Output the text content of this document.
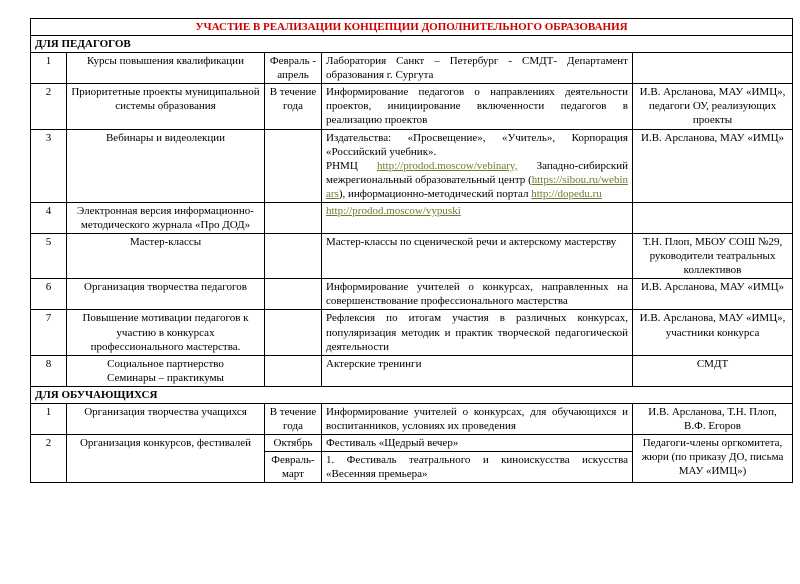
УЧАСТИЕ В РЕАЛИЗАЦИИ КОНЦЕПЦИИ ДОПОЛНИТЕЛЬНОГО ОБРАЗОВАНИЯ				
ДЛЯ ПЕДАГОГОВ				
1	Курсы повышения квалификации	Февраль - апрель	Лаборатория Санкт – Петербург - СМДТ- Департамент образования г. Сургута	
2	Приоритетные проекты муниципальной системы образования	В течение года	Информирование педагогов о направлениях деятельности проектов, инициирование включенности педагогов в реализацию проектов	И.В. Арсланова, МАУ «ИМЦ», педагоги ОУ, реализующих проекты
3	Вебинары и видеолекции		Издательства: «Просвещение», «Учитель», Корпорация «Российский учебник».
РНМЦ http://prodod.moscow/vebinary, Западно-сибирский межрегиональный образовательный центр (https://sibou.ru/webinars), информационно-методический портал http://dopedu.ru	И.В. Арсланова, МАУ «ИМЦ»
4	Электронная версия информационно-методического журнала «Про ДОД»		http://prodod.moscow/vypuski	
5	Мастер-классы		Мастер-классы по сценической речи и актерскому мастерству	Т.Н. Плоп, МБОУ СОШ №29, руководители театральных коллективов
6	Организация творчества педагогов		Информирование учителей о конкурсах, направленных на совершенствование профессионального мастерства	И.В. Арсланова, МАУ «ИМЦ»
7	Повышение мотивации педагогов к участию в конкурсах профессионального мастерства.		Рефлексия по итогам участия в различных конкурсах, популяризация методик и практик творческой педагогической деятельности	И.В. Арсланова, МАУ «ИМЦ», участники конкурса
8	Социальное партнерство
Семинары – практикумы		Актерские тренинги	СМДТ
ДЛЯ ОБУЧАЮЩИХСЯ				
1	Организация творчества учащихся	В течение года	Информирование учителей о конкурсах, для обучающихся и воспитанников, условиях их проведения	И.В. Арсланова, Т.Н. Плоп, В.Ф. Егоров
2	Организация конкурсов, фестивалей	Октябрь	Фестиваль «Щедрый вечер»	Педагоги-члены оргкомитета, жюри (по приказу ДО, письма МАУ «ИМЦ»)
		Февраль-март	1. Фестиваль театрального и киноискусства искусства «Весенняя премьера»	
